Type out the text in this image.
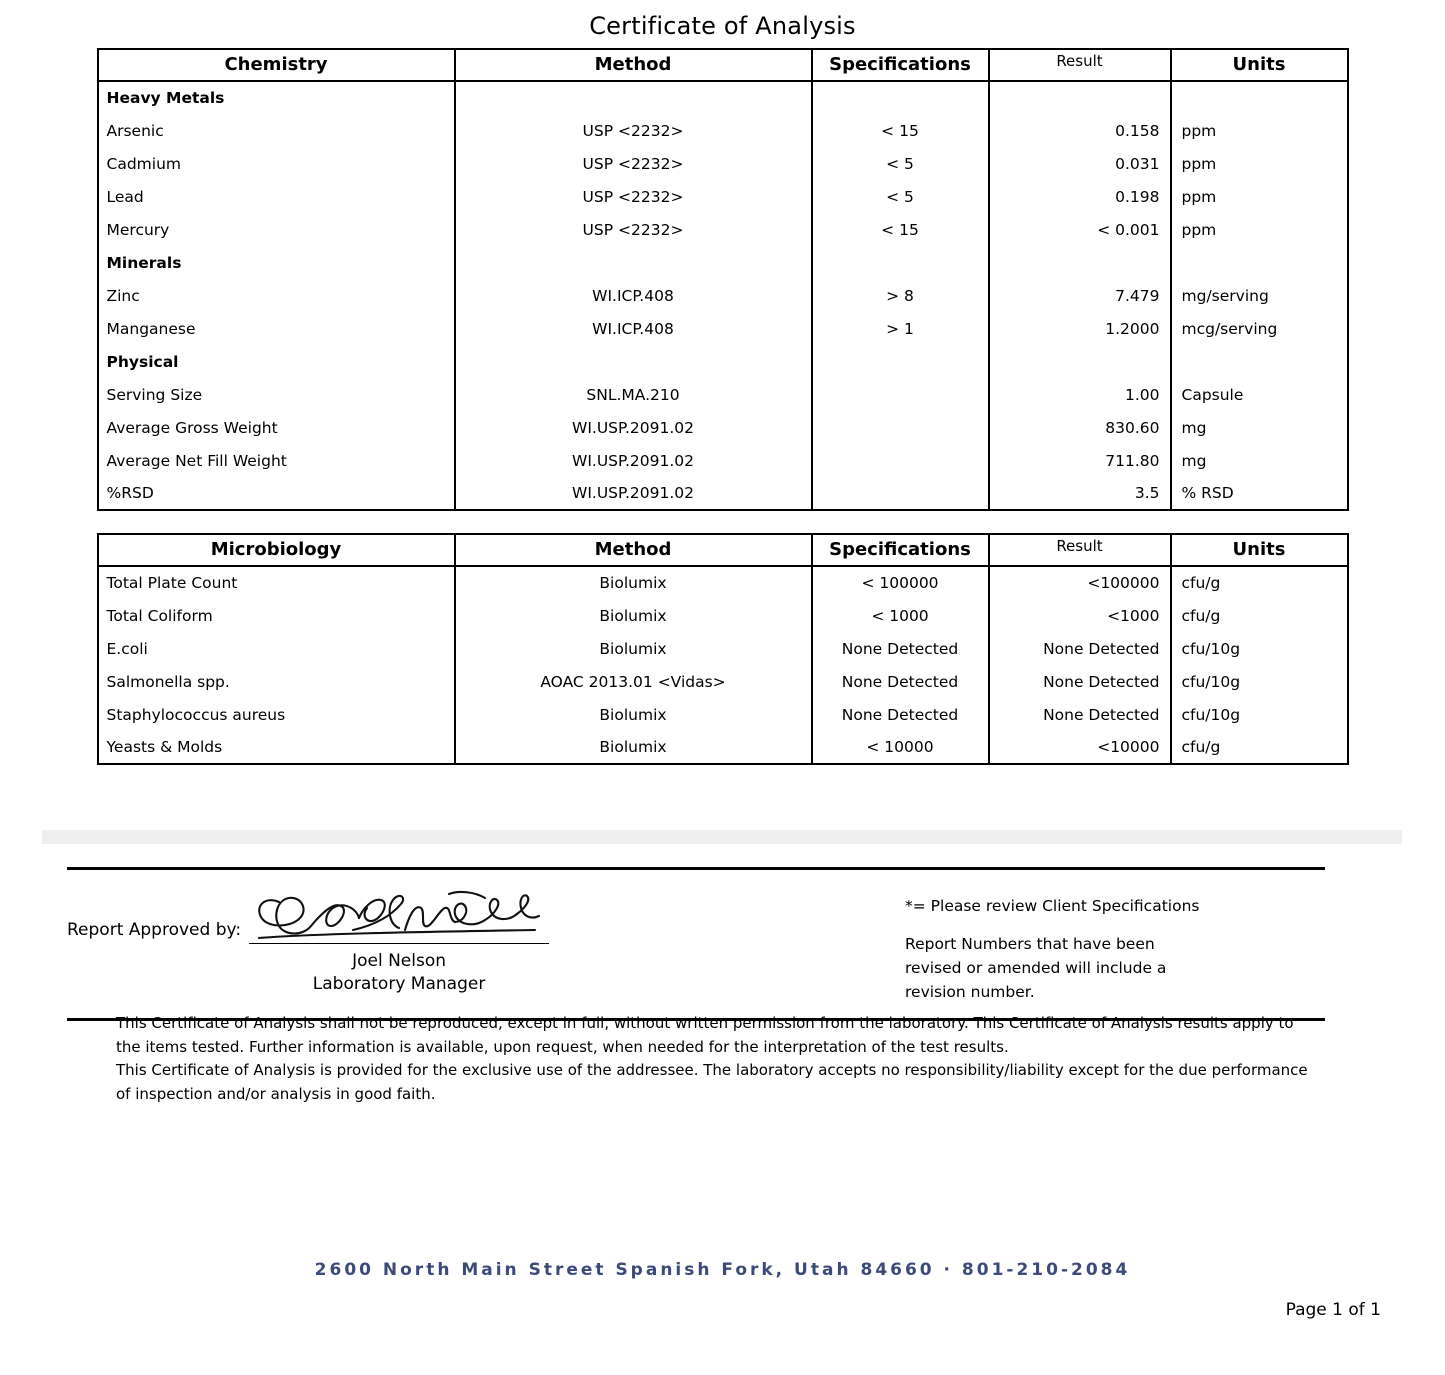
Certificate of Analysis
Chemistry	Method	Specifications	Result	Units
Heavy Metals				
Arsenic	USP <2232>	< 15	0.158	ppm
Cadmium	USP <2232>	< 5	0.031	ppm
Lead	USP <2232>	< 5	0.198	ppm
Mercury	USP <2232>	< 15	< 0.001	ppm
Minerals				
Zinc	WI.ICP.408	> 8	7.479	mg/serving
Manganese	WI.ICP.408	> 1	1.2000	mcg/serving
Physical				
Serving Size	SNL.MA.210		1.00	Capsule
Average Gross Weight	WI.USP.2091.02		830.60	mg
Average Net Fill Weight	WI.USP.2091.02		711.80	mg
%RSD	WI.USP.2091.02		3.5	% RSD
Microbiology	Method	Specifications	Result	Units
Total Plate Count	Biolumix	< 100000	<100000	cfu/g
Total Coliform	Biolumix	< 1000	<1000	cfu/g
E.coli	Biolumix	None Detected	None Detected	cfu/10g
Salmonella spp.	AOAC 2013.01 <Vidas>	None Detected	None Detected	cfu/10g
Staphylococcus aureus	Biolumix	None Detected	None Detected	cfu/10g
Yeasts & Molds	Biolumix	< 10000	<10000	cfu/g
Report Approved by:
Joel Nelson
Laboratory Manager

*= Please review Client Specifications

Report Numbers that have been

revised or amended will include a

revision number.

This Certificate of Analysis shall not be reproduced, except in full, without written permission from the laboratory. This Certificate of Analysis results apply to the items tested. Further information is available, upon request, when needed for the interpretation of the test results.

This Certificate of Analysis is provided for the exclusive use of the addressee. The laboratory accepts no responsibility/liability except for the due performance of inspection and/or analysis in good faith.

2600 North Main Street Spanish Fork, Utah 84660 · 801-210-2084
Page 1 of 1
